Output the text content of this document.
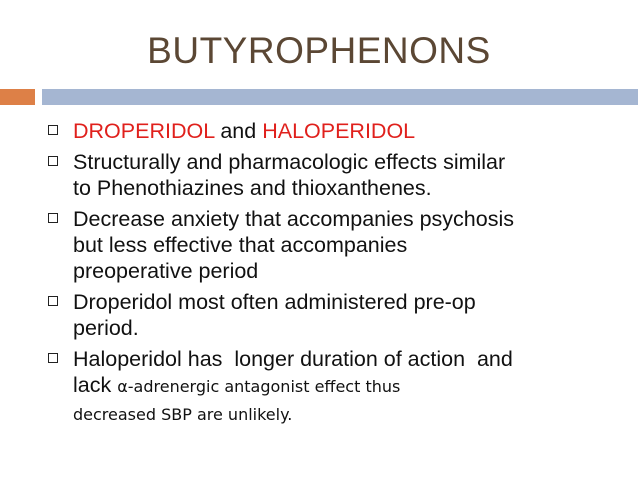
BUTYROPHENONS
DROPERIDOL and HALOPERIDOL
Structurally and pharmacologic effects similar
to Phenothiazines and thioxanthenes.
Decrease anxiety that accompanies psychosis
but less effective that accompanies
preoperative period
Droperidol most often administered pre-op
period.
Haloperidol has  longer duration of action  and
lack α-adrenergic antagonist effect thus
decreased SBP are unlikely.
